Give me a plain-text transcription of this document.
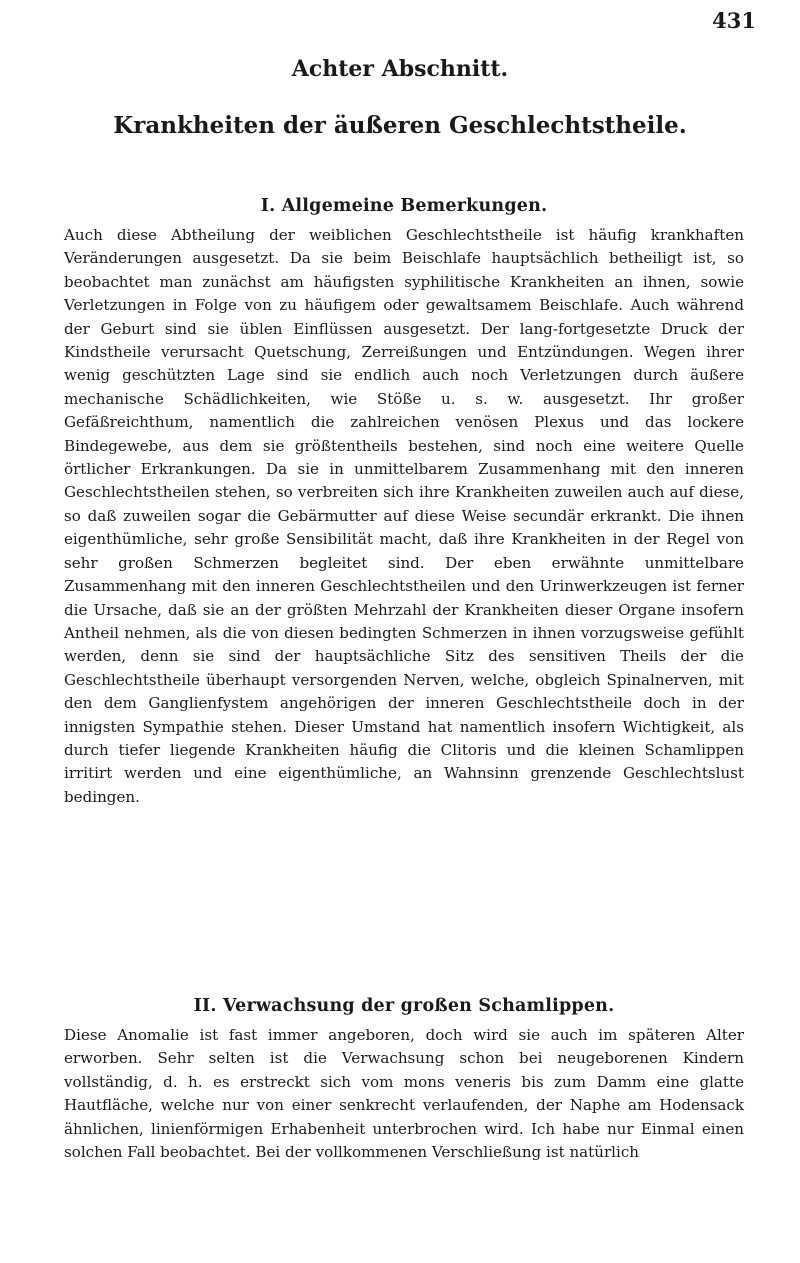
431
Achter Abschnitt.
Krankheiten der äußeren Geschlechtstheile.
I. Allgemeine Bemerkungen.

Auch diese Abtheilung der weiblichen Geschlechtstheile ist häufig krankhaften Veränderungen ausgesetzt. Da sie beim Beischlafe hauptsächlich betheiligt ist, so beobachtet man zunächst am häufigsten syphilitische Krankheiten an ihnen, sowie Verletzungen in Folge von zu häufigem oder gewaltsamem Beischlafe. Auch während der Geburt sind sie üblen Einflüssen ausgesetzt. Der lang-fortgesetzte Druck der Kindstheile verursacht Quetschung, Zerreißungen und Entzündungen. Wegen ihrer wenig geschützten Lage sind sie endlich auch noch Verletzungen durch äußere mechanische Schädlichkeiten, wie Stöße u. s. w. ausgesetzt. Ihr großer Gefäßreichthum, namentlich die zahlreichen venösen Plexus und das lockere Bindegewebe, aus dem sie größtentheils bestehen, sind noch eine weitere Quelle örtlicher Erkrankungen. Da sie in unmittelbarem Zusammenhang mit den inneren Geschlechtstheilen stehen, so verbreiten sich ihre Krankheiten zuweilen auch auf diese, so daß zuweilen sogar die Gebärmutter auf diese Weise secundär erkrankt. Die ihnen eigenthümliche, sehr große Sensibilität macht, daß ihre Krankheiten in der Regel von sehr großen Schmerzen begleitet sind. Der eben erwähnte unmittelbare Zusammenhang mit den inneren Geschlechtstheilen und den Urinwerkzeugen ist ferner die Ursache, daß sie an der größten Mehrzahl der Krankheiten dieser Organe insofern Antheil nehmen, als die von diesen bedingten Schmerzen in ihnen vorzugsweise gefühlt werden, denn sie sind der hauptsächliche Sitz des sensitiven Theils der die Geschlechtstheile überhaupt versorgenden Nerven, welche, obgleich Spinalnerven, mit den dem Ganglienfystem angehörigen der inneren Geschlechtstheile doch in der innigsten Sympathie stehen. Dieser Umstand hat namentlich insofern Wichtigkeit, als durch tiefer liegende Krankheiten häufig die Clitoris und die kleinen Schamlippen irritirt werden und eine eigenthümliche, an Wahnsinn grenzende Geschlechtslust bedingen.

II. Verwachsung der großen Schamlippen.

Diese Anomalie ist fast immer angeboren, doch wird sie auch im späteren Alter erworben. Sehr selten ist die Verwachsung schon bei neugeborenen Kindern vollständig, d. h. es erstreckt sich vom mons veneris bis zum Damm eine glatte Hautfläche, welche nur von einer senkrecht verlaufenden, der Naphe am Hodensack ähnlichen, linienförmigen Erhabenheit unterbrochen wird. Ich habe nur Einmal einen solchen Fall beobachtet. Bei der vollkommenen Verschließung ist natürlich
